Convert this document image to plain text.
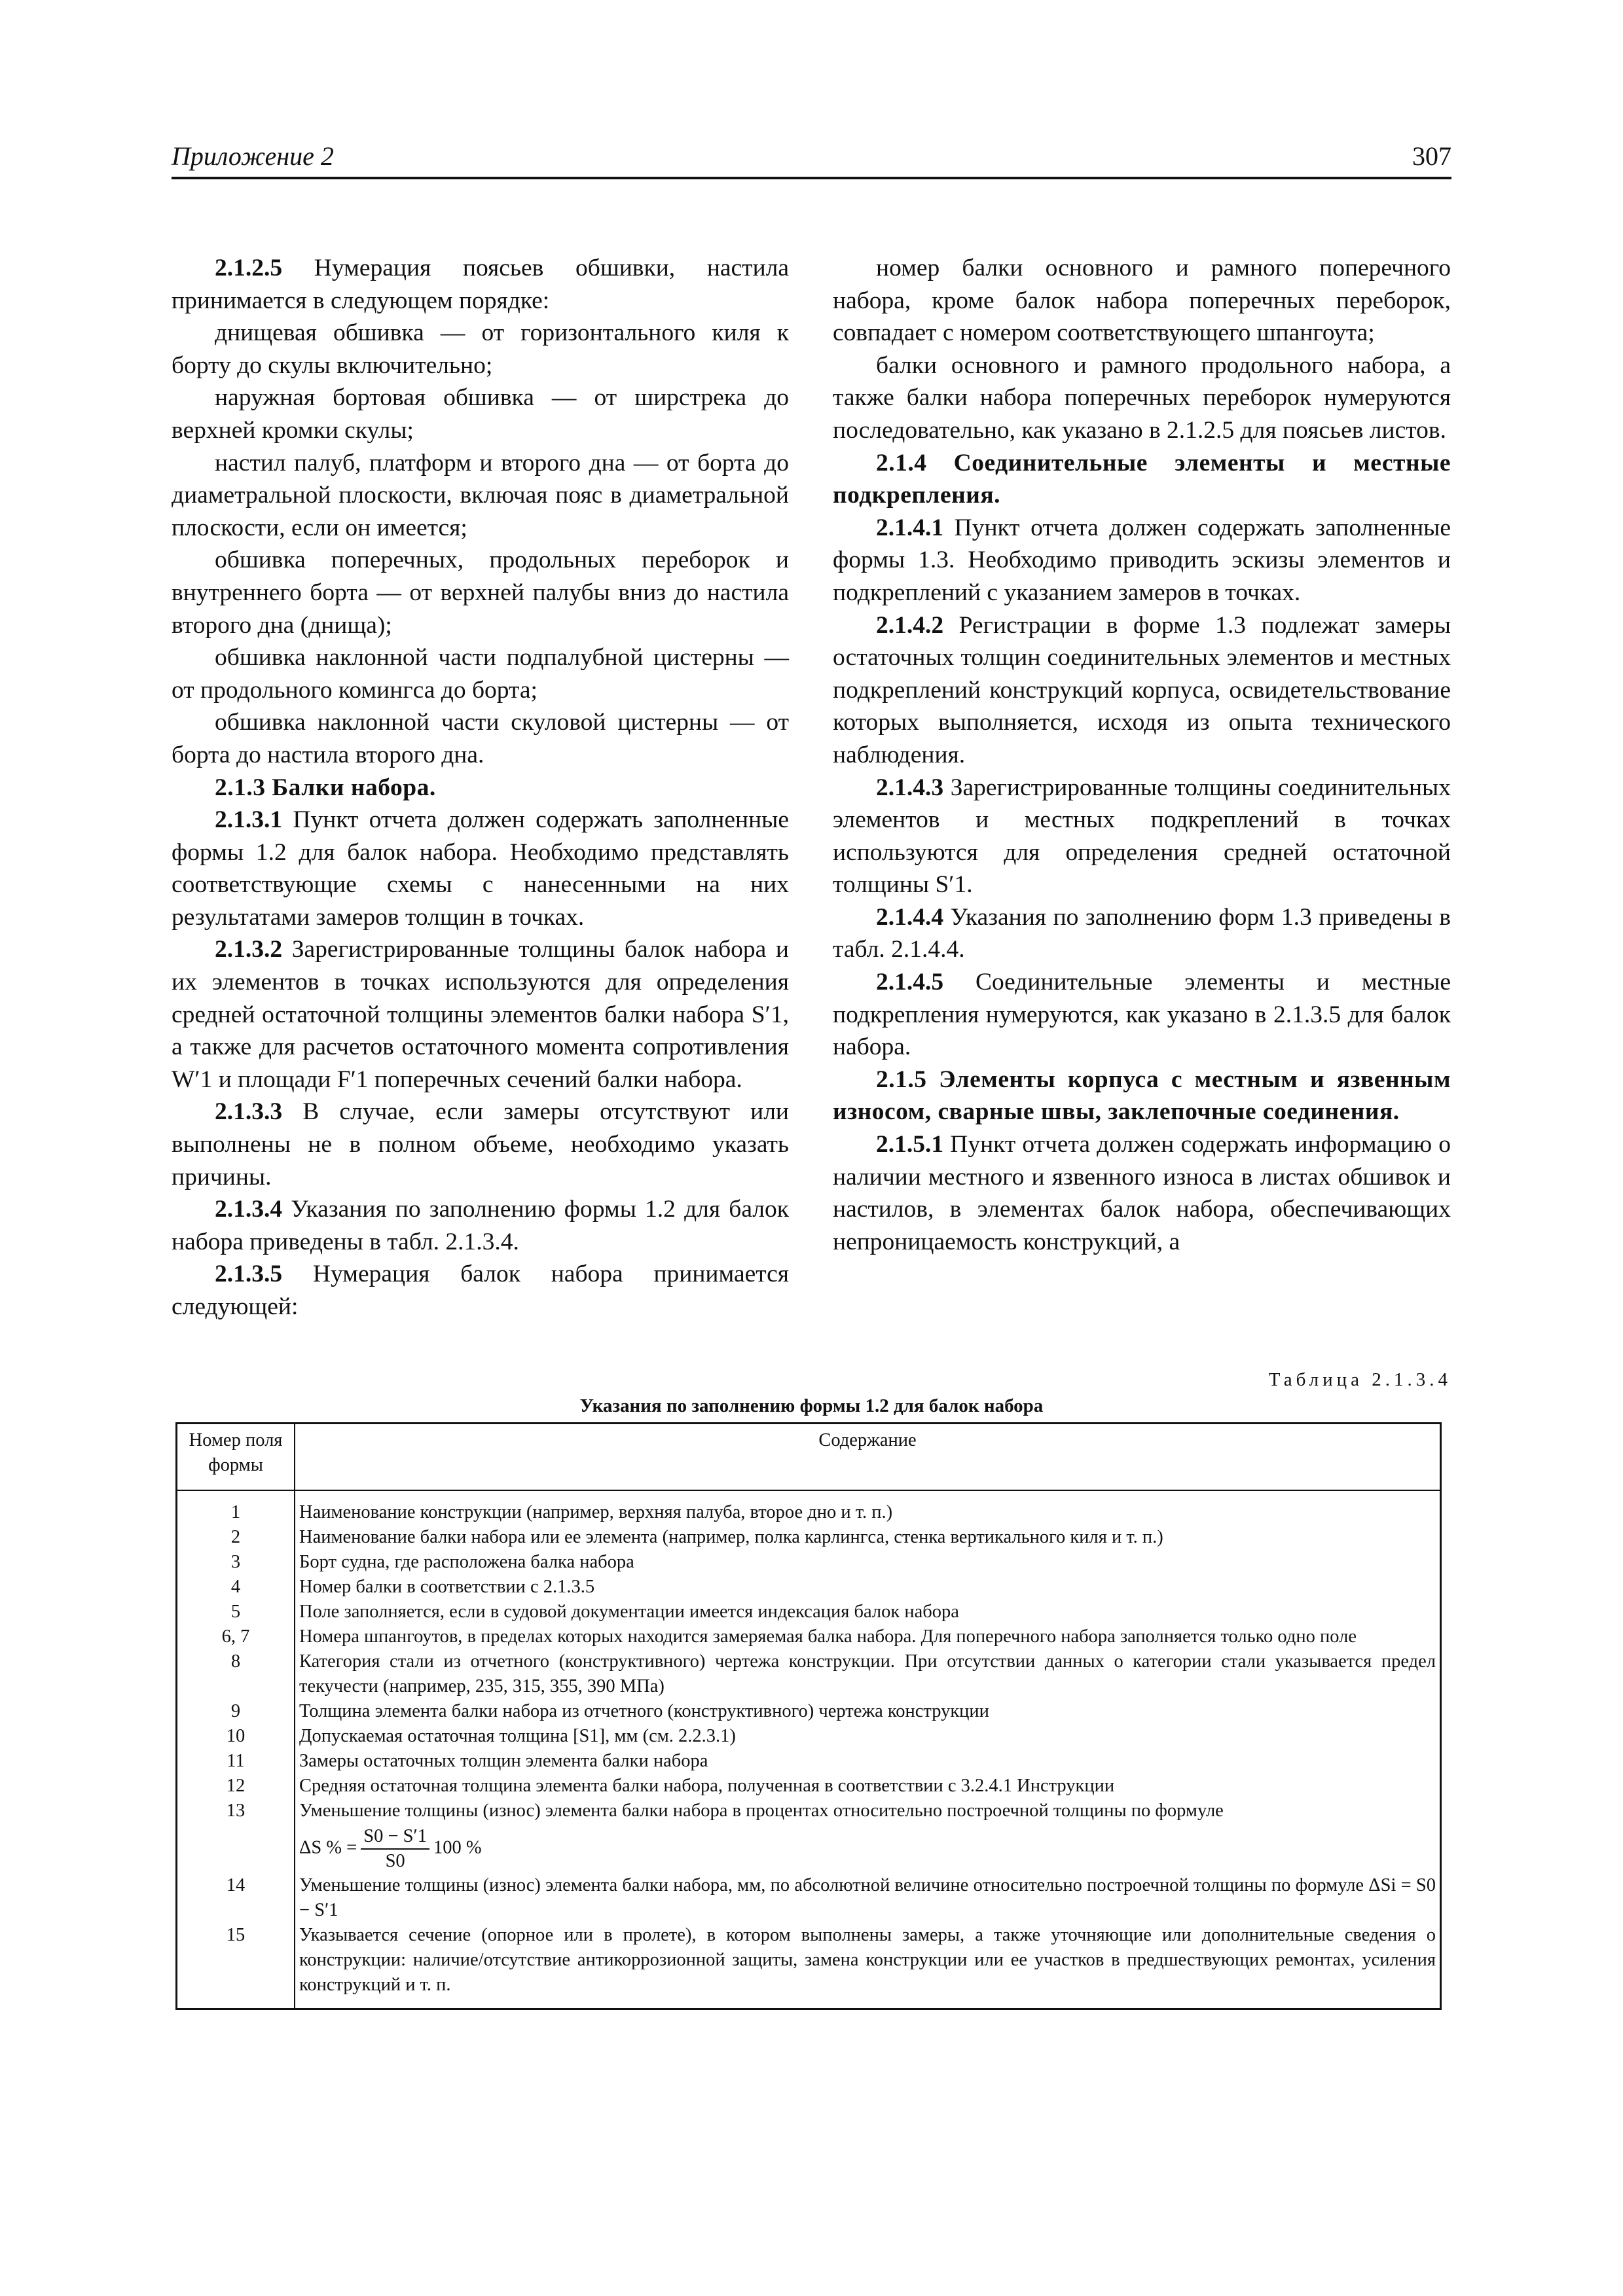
Приложение 2	307

2.1.2.5 Нумерация поясьев обшивки, настила принимается в следующем порядке:

днищевая обшивка — от горизонтального киля к борту до скулы включительно;

наружная бортовая обшивка — от ширстрека до верхней кромки скулы;

настил палуб, платформ и второго дна — от борта до диаметральной плоскости, включая пояс в диаметральной плоскости, если он имеется;

обшивка поперечных, продольных переборок и внутреннего борта — от верхней палубы вниз до настила второго дна (днища);

обшивка наклонной части подпалубной цистерны — от продольного комингса до борта;

обшивка наклонной части скуловой цистерны — от борта до настила второго дна.

2.1.3 Балки набора.

2.1.3.1 Пункт отчета должен содержать заполненные формы 1.2 для балок набора. Необходимо представлять соответствующие схемы с нанесенными на них результатами замеров толщин в точках.

2.1.3.2 Зарегистрированные толщины балок набора и их элементов в точках используются для определения средней остаточной толщины элементов балки набора S′1, а также для расчетов остаточного момента сопротивления W′1 и площади F′1 поперечных сечений балки набора.

2.1.3.3 В случае, если замеры отсутствуют или выполнены не в полном объеме, необходимо указать причины.

2.1.3.4 Указания по заполнению формы 1.2 для балок набора приведены в табл. 2.1.3.4.

2.1.3.5 Нумерация балок набора принимается следующей:

номер балки основного и рамного поперечного набора, кроме балок набора поперечных переборок, совпадает с номером соответствующего шпангоута;

балки основного и рамного продольного набора, а также балки набора поперечных переборок нумеруются последовательно, как указано в 2.1.2.5 для поясьев листов.

2.1.4 Соединительные элементы и местные подкрепления.

2.1.4.1 Пункт отчета должен содержать заполненные формы 1.3. Необходимо приводить эскизы элементов и подкреплений с указанием замеров в точках.

2.1.4.2 Регистрации в форме 1.3 подлежат замеры остаточных толщин соединительных элементов и местных подкреплений конструкций корпуса, освидетельствование которых выполняется, исходя из опыта технического наблюдения.

2.1.4.3 Зарегистрированные толщины соединительных элементов и местных подкреплений в точках используются для определения средней остаточной толщины S′1.

2.1.4.4 Указания по заполнению форм 1.3 приведены в табл. 2.1.4.4.

2.1.4.5 Соединительные элементы и местные подкрепления нумеруются, как указано в 2.1.3.5 для балок набора.

2.1.5 Элементы корпуса с местным и язвенным износом, сварные швы, заклепочные соединения.

2.1.5.1 Пункт отчета должен содержать информацию о наличии местного и язвенного износа в листах обшивок и настилов, в элементах балок набора, обеспечивающих непроницаемость конструкций, а

Таблица 2.1.3.4
Указания по заполнению формы 1.2 для балок набора
Номер поля формы	Содержание
1	Наименование конструкции (например, верхняя палуба, второе дно и т. п.)
2	Наименование балки набора или ее элемента (например, полка карлингса, стенка вертикального киля и т. п.)
3	Борт судна, где расположена балка набора
4	Номер балки в соответствии с 2.1.3.5
5	Поле заполняется, если в судовой документации имеется индексация балок набора
6, 7	Номера шпангоутов, в пределах которых находится замеряемая балка набора. Для поперечного набора заполняется только одно поле
8	Категория стали из отчетного (конструктивного) чертежа конструкции. При отсутствии данных о категории стали указывается предел текучести (например, 235, 315, 355, 390 МПа)
9	Толщина элемента балки набора из отчетного (конструктивного) чертежа конструкции
10	Допускаемая остаточная толщина [S1], мм (см. 2.2.3.1)
11	Замеры остаточных толщин элемента балки набора
12	Средняя остаточная толщина элемента балки набора, полученная в соответствии с 3.2.4.1 Инструкции
13	Уменьшение толщины (износ) элемента балки набора в процентах относительно построечной толщины по формуле
ΔS % = $\frac{S0 - S'1}{S0} 100$ %

14	Уменьшение толщины (износ) элемента балки набора, мм, по абсолютной величине относительно построечной толщины по формуле ΔSi = S0 − S′1
15	Указывается сечение (опорное или в пролете), в котором выполнены замеры, а также уточняющие или дополнительные сведения о конструкции: наличие/отсутствие антикоррозионной защиты, замена конструкции или ее участков в предшествующих ремонтах, усиления конструкций и т. п.
